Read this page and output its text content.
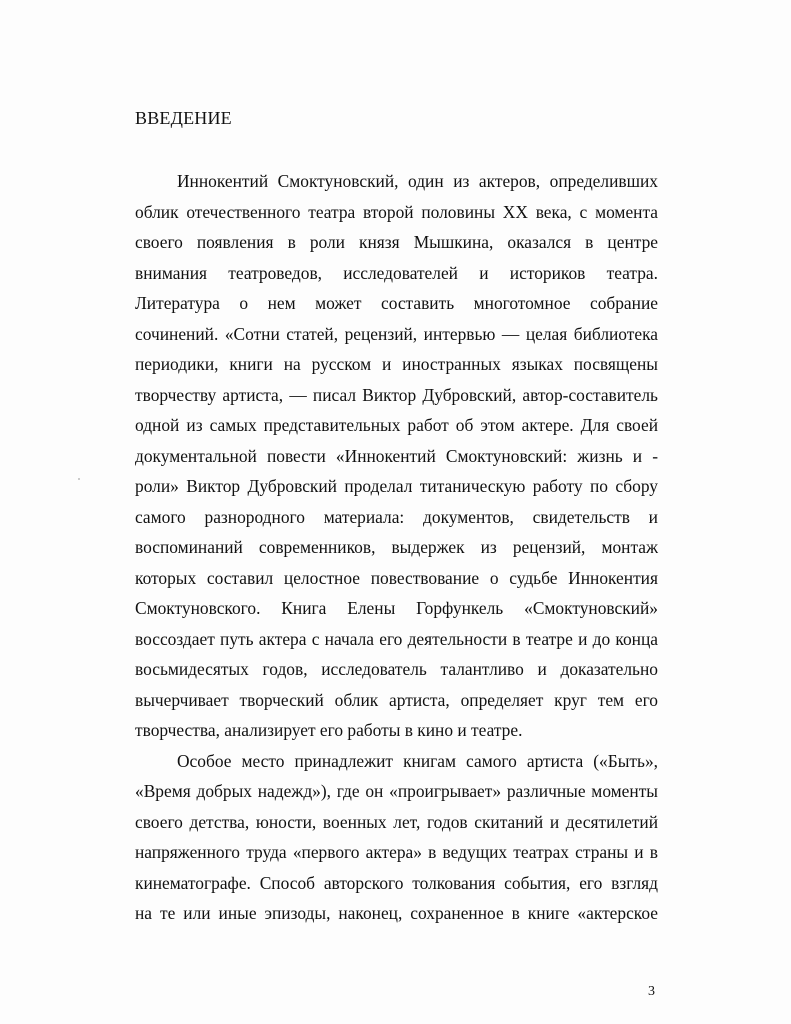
ВВЕДЕНИЕ
Иннокентий Смоктуновский, один из актеров, определивших
облик отечественного театра второй половины XX века, с момента
своего появления в роли князя Мышкина, оказался в центре
внимания театроведов, исследователей и историков театра.
Литература о нем может составить многотомное собрание
сочинений. «Сотни статей, рецензий, интервью — целая библиотека
периодики, книги на русском и иностранных языках посвящены
творчеству артиста, — писал Виктор Дубровский, автор-составитель
одной из самых представительных работ об этом актере. Для своей
документальной повести «Иннокентий Смоктуновский: жизнь и -
роли» Виктор Дубровский проделал титаническую работу по сбору
самого разнородного материала: документов, свидетельств и
воспоминаний современников, выдержек из рецензий, монтаж
которых составил целостное повествование о судьбе Иннокентия
Смоктуновского. Книга Елены Горфункель «Смоктуновский»
воссоздает путь актера с начала его деятельности в театре и до конца
восьмидесятых годов, исследователь талантливо и доказательно
вычерчивает творческий облик артиста, определяет круг тем его
творчества, анализирует его работы в кино и театре.
Особое место принадлежит книгам самого артиста («Быть»,
«Время добрых надежд»), где он «проигрывает» различные моменты
своего детства, юности, военных лет, годов скитаний и десятилетий
напряженного труда «первого актера» в ведущих театрах страны и в
кинематографе. Способ авторского толкования события, его взгляд
на те или иные эпизоды, наконец, сохраненное в книге «актерское
3
